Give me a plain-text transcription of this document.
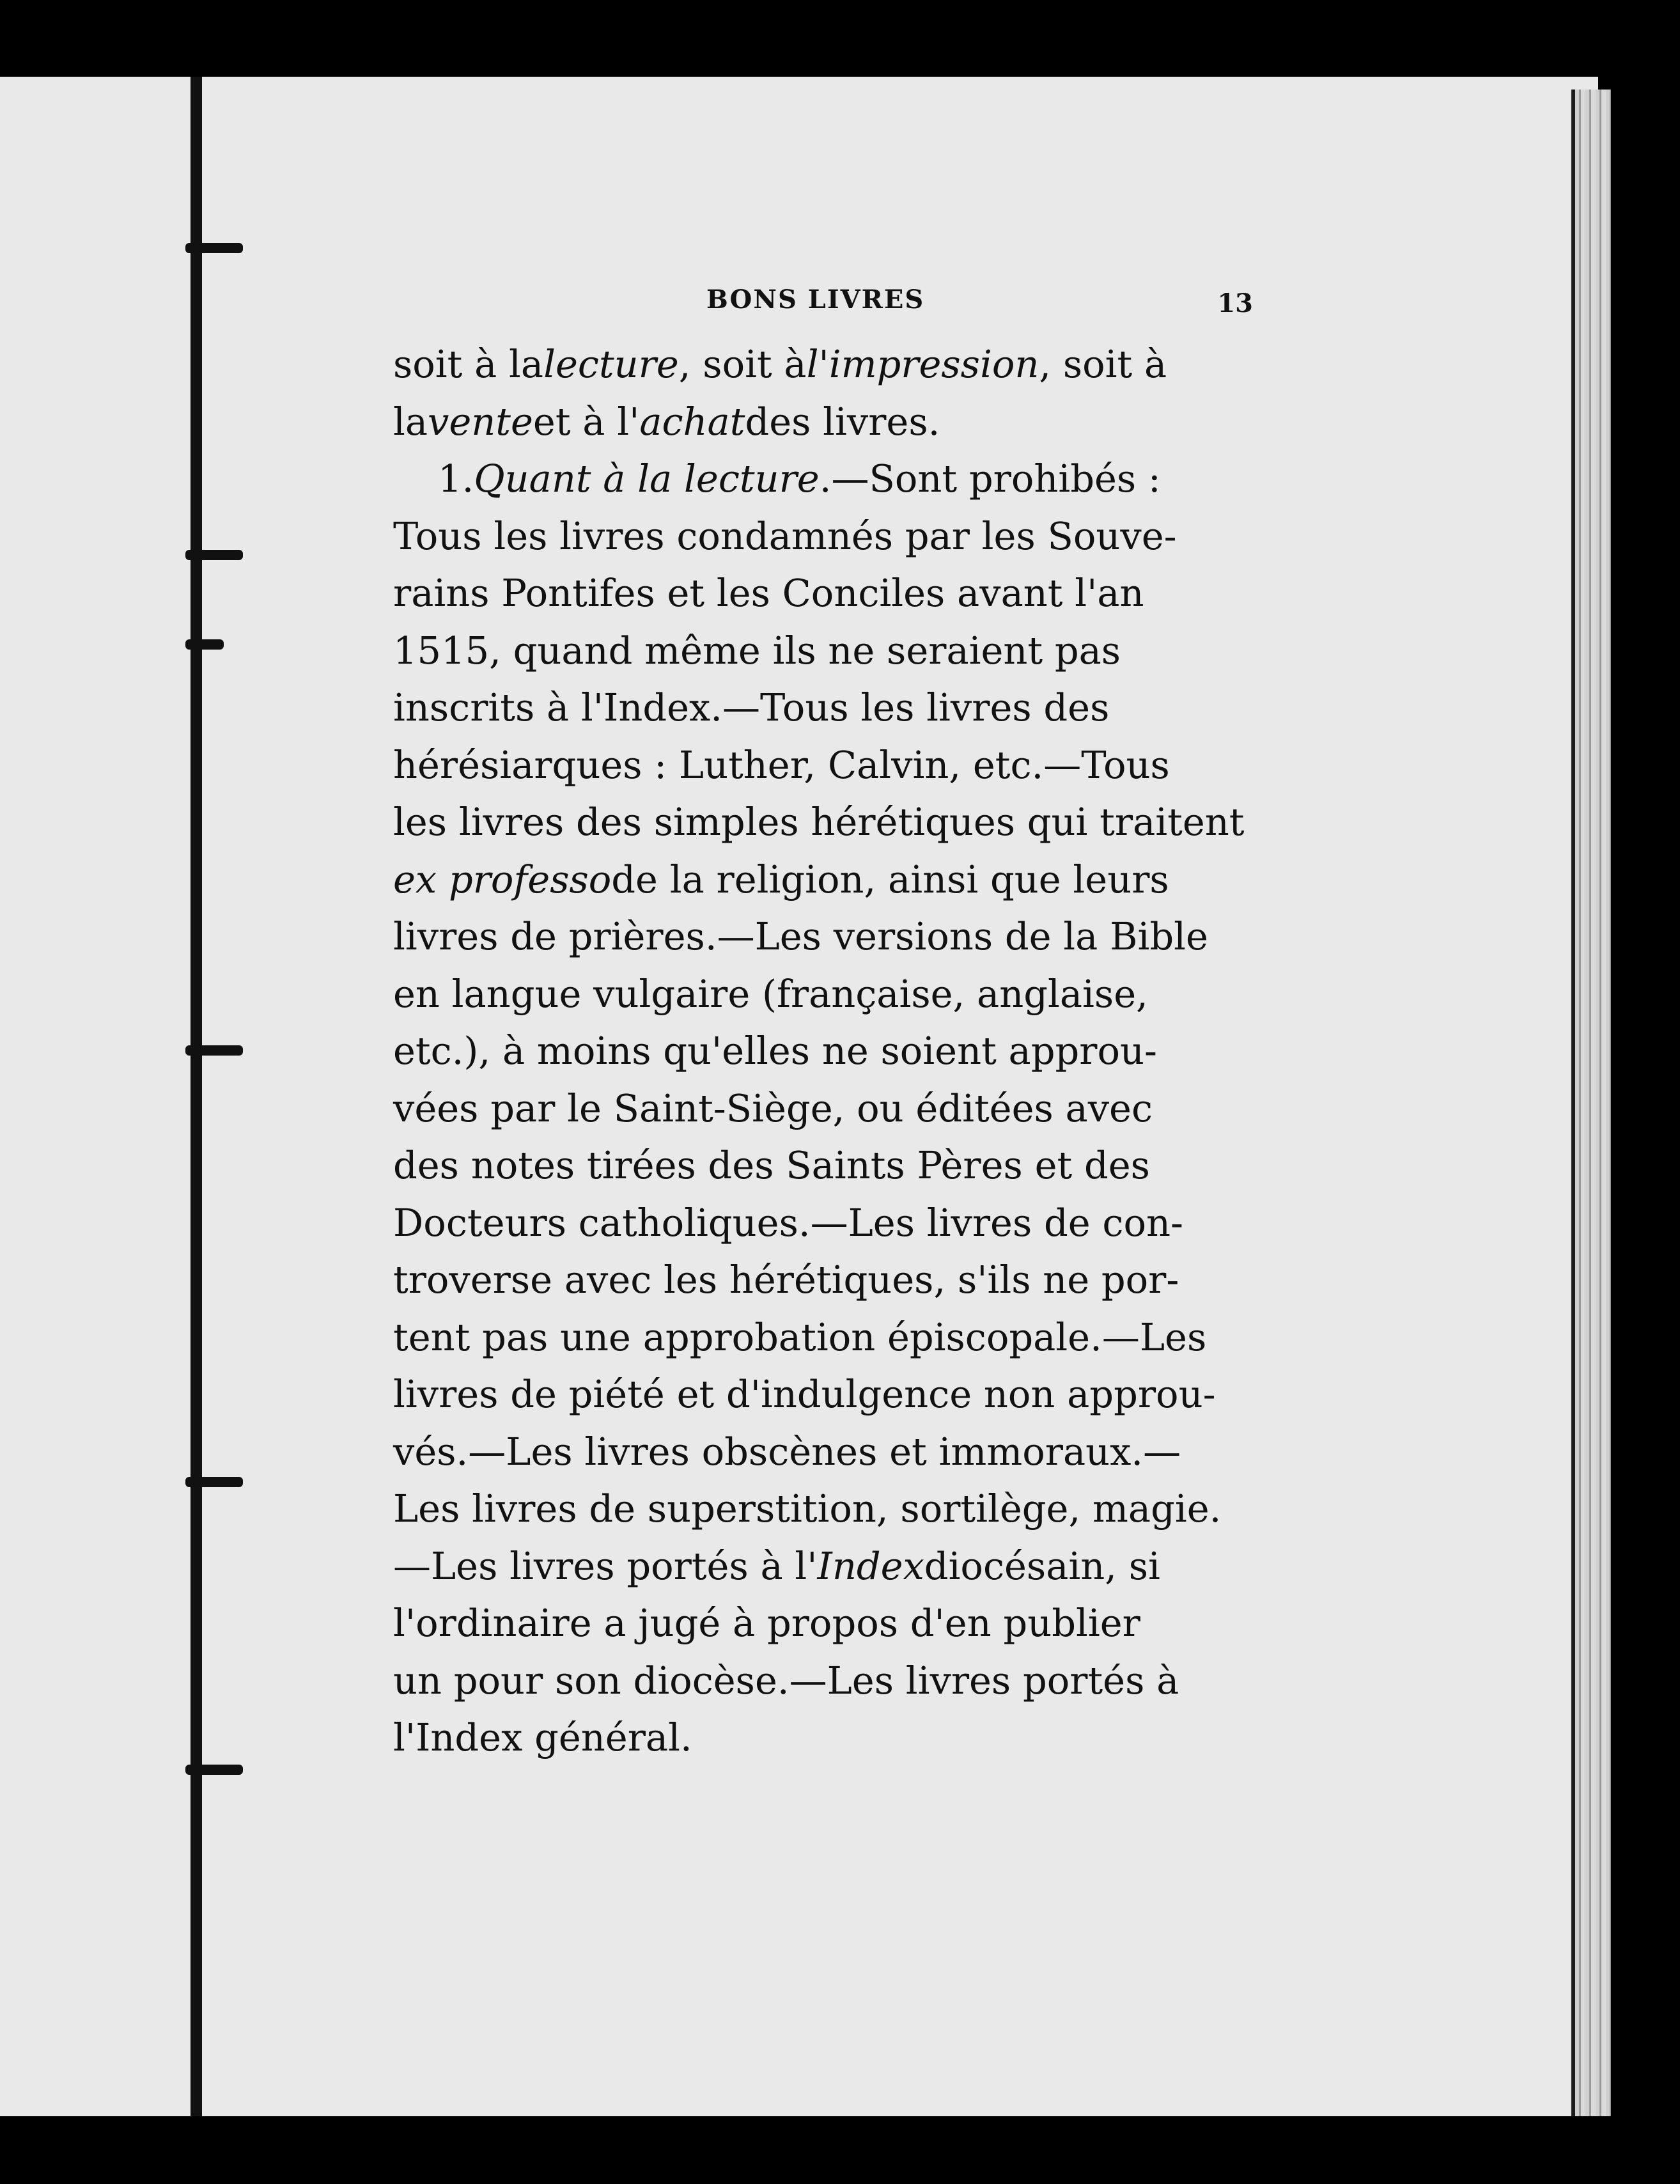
BONS LIVRES	13
soit à lalecture, soit àl'impression, soit à
laventeet à l'achatdes livres.
1.Quant à la lecture.—Sont prohibés :
Tous les livres condamnés par les Souve-
rains Pontifes et les Conciles avant l'an
1515, quand même ils ne seraient pas
inscrits à l'Index.—Tous les livres des
hérésiarques : Luther, Calvin, etc.—Tous
les livres des simples hérétiques qui traitent
ex professode la religion, ainsi que leurs
livres de prières.—Les versions de la Bible
en langue vulgaire (française, anglaise,
etc.), à moins qu'elles ne soient approu-
vées par le Saint-Siège, ou éditées avec
des notes tirées des Saints Pères et des
Docteurs catholiques.—Les livres de con-
troverse avec les hérétiques, s'ils ne por-
tent pas une approbation épiscopale.—Les
livres de piété et d'indulgence non approu-
vés.—Les livres obscènes et immoraux.—
Les livres de superstition, sortilège, magie.
—Les livres portés à l'Indexdiocésain, si
l'ordinaire a jugé à propos d'en publier
un pour son diocèse.—Les livres portés à
l'Index général.
